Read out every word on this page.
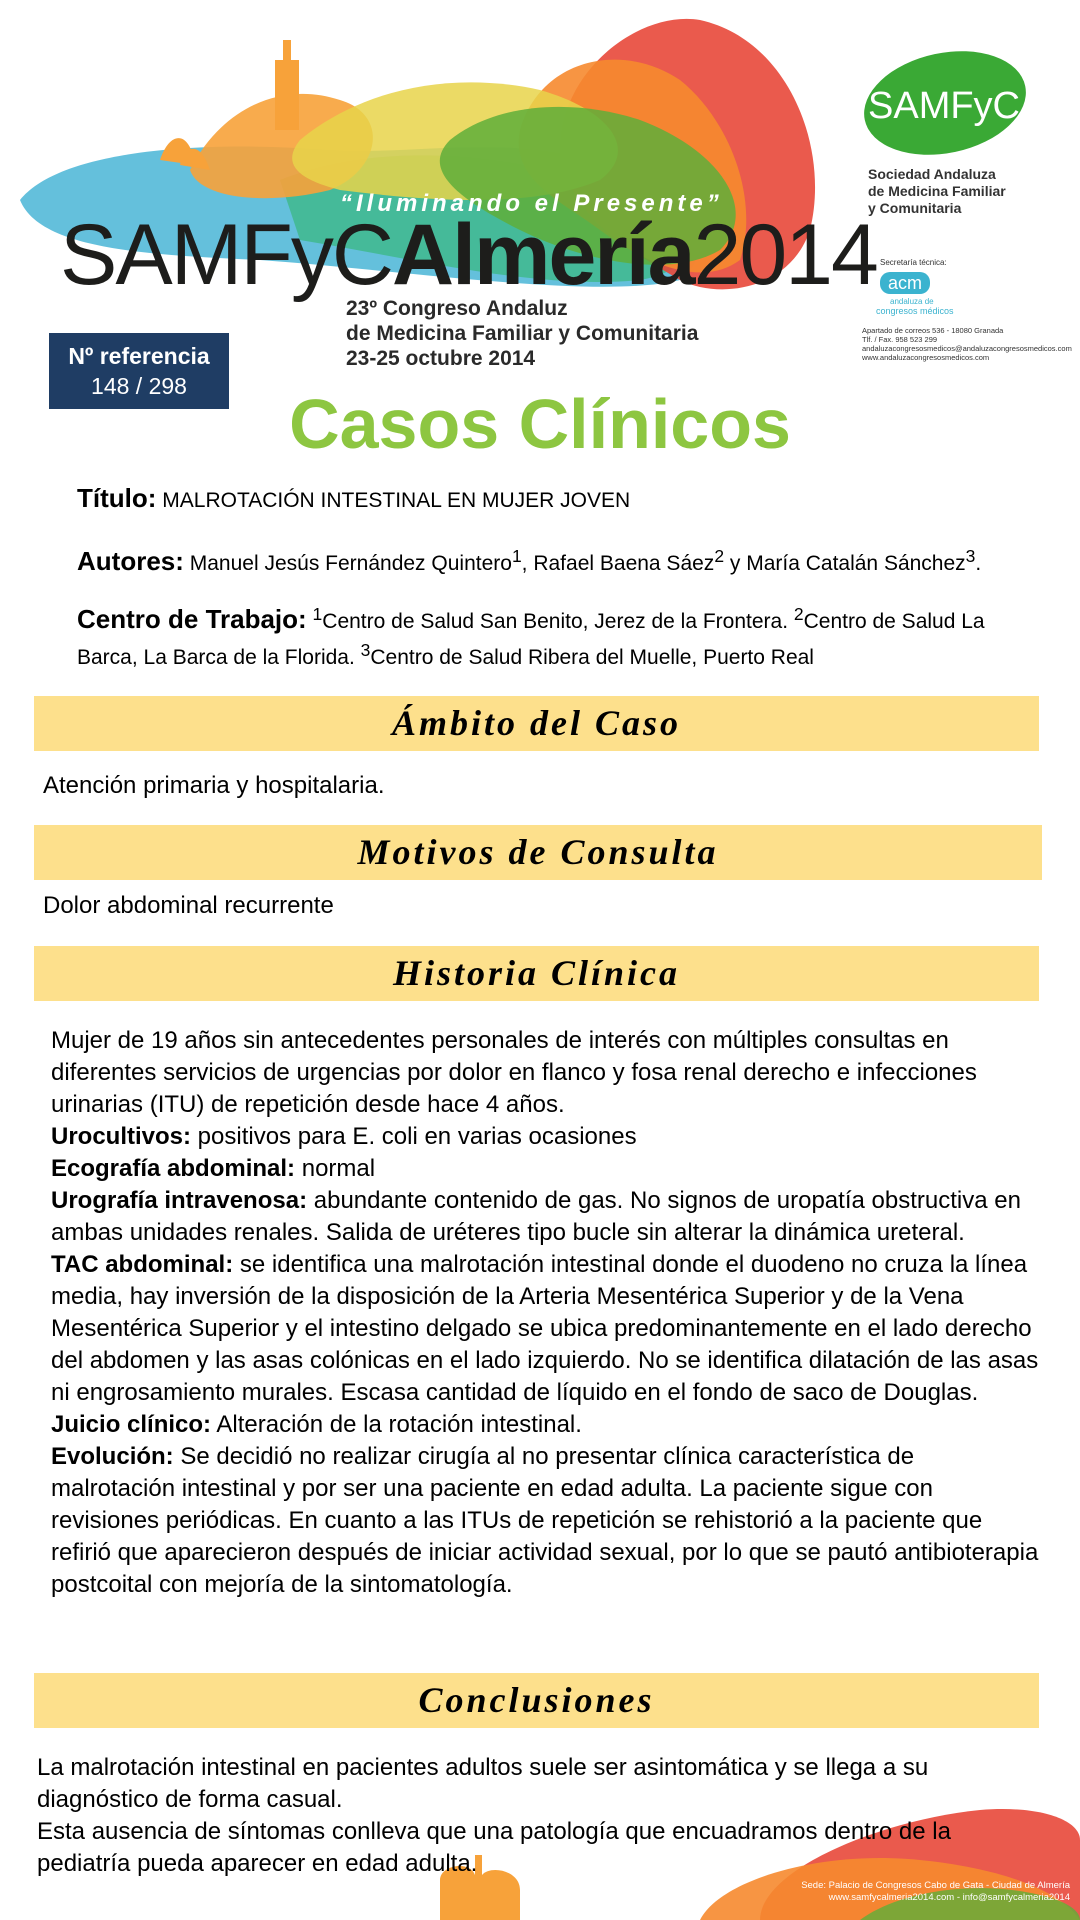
“Iluminando el Presente”
SAMFyCAlmería2014
23º Congreso Andaluz
de Medicina Familiar y Comunitaria
23-25 octubre 2014
SAMFyC
Sociedad Andaluza
de Medicina Familiar
y Comunitaria
Secretaría técnica:
acm
andaluza de
congresos médicos
Apartado de correos 536 - 18080 Granada
Tlf. / Fax. 958 523 299
andaluzacongresosmedicos@andaluzacongresosmedicos.com
www.andaluzacongresosmedicos.com
Nº referencia
148 / 298	Casos Clínicos
Título: MALROTACIÓN INTESTINAL EN MUJER JOVEN
Autores: Manuel Jesús Fernández Quintero$^1$, Rafael Baena Sáez$^2$ y María Catalán Sánchez$^3$.
Centro de Trabajo: $^1$Centro de Salud San Benito, Jerez de la Frontera. $^2$Centro de Salud La Barca, La Barca de la Florida. $^3$Centro de Salud Ribera del Muelle, Puerto Real
Ámbito del Caso
Atención primaria y hospitalaria.
Motivos de Consulta
Dolor abdominal recurrente
Historia Clínica

Mujer de 19 años sin antecedentes personales de interés con múltiples consultas en diferentes servicios de urgencias por dolor en flanco y fosa renal derecho e infecciones urinarias (ITU) de repetición desde hace 4 años.

Urocultivos: positivos para E. coli en varias ocasiones

Ecografía abdominal: normal

Urografía intravenosa: abundante contenido de gas. No signos de uropatía obstructiva en ambas unidades renales. Salida de uréteres tipo bucle sin alterar la dinámica ureteral.

TAC abdominal: se identifica una malrotación intestinal donde el duodeno no cruza la línea media, hay inversión de la disposición de la Arteria Mesentérica Superior y de la Vena Mesentérica Superior y el intestino delgado se ubica predominantemente en el lado derecho del abdomen y las asas colónicas en el lado izquierdo. No se identifica dilatación de las asas ni engrosamiento murales. Escasa cantidad de líquido en el fondo de saco de Douglas.

Juicio clínico: Alteración de la rotación intestinal.

Evolución: Se decidió no realizar cirugía al no presentar clínica característica de malrotación intestinal y por ser una paciente en edad adulta. La paciente sigue con revisiones periódicas. En cuanto a las ITUs de repetición se rehistorió a la paciente que refirió que aparecieron después de iniciar actividad sexual, por lo que se pautó antibioterapia postcoital con mejoría de la sintomatología.

Conclusiones
Sede: Palacio de Congresos Cabo de Gata - Ciudad de Almería
www.samfycalmeria2014.com - info@samfycalmeria2014

La malrotación intestinal en pacientes adultos suele ser asintomática y se llega a su diagnóstico de forma casual.

Esta ausencia de síntomas conlleva que una patología que encuadramos dentro de la pediatría pueda aparecer en edad adulta.
